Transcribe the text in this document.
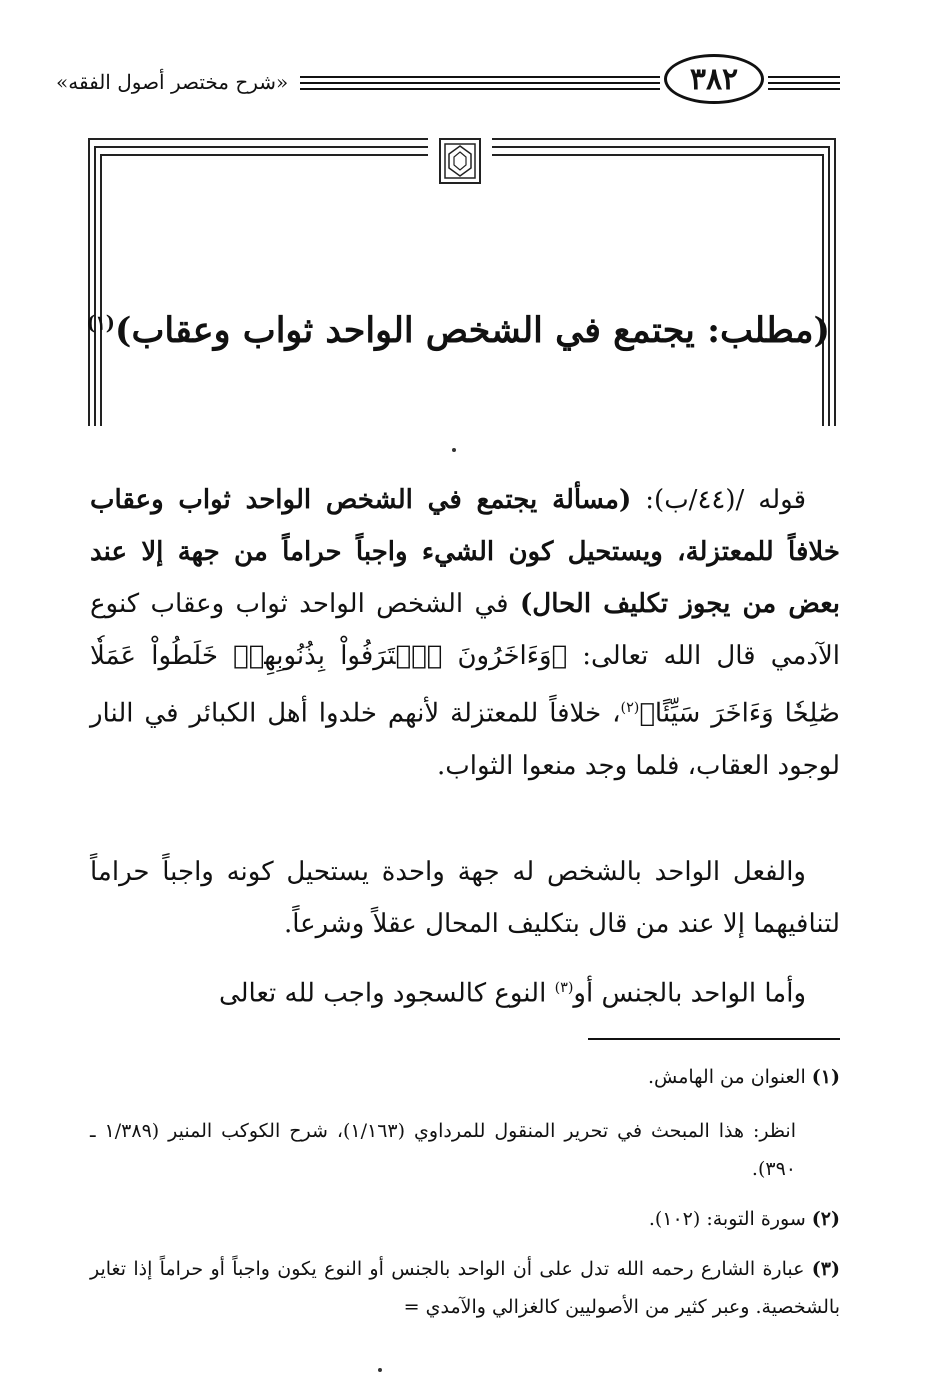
«شرح مختصر أصول الفقه»	٣٨٢
(مطلب: يجتمع في الشخص الواحد ثواب وعقاب)$^{(١)}$
قوله /(٤٤/ب): (مسألة يجتمع في الشخص الواحد ثواب وعقاب خلافاً للمعتزلة، ويستحيل كون الشيء واجباً حراماً من جهة إلا عند بعض من يجوز تكليف الحال) في الشخص الواحد ثواب وعقاب كنوع الآدمي قال الله تعالى: ﴿وَءَاخَرُونَ ٱعۡتَرَفُواْ بِذُنُوبِهِمۡ خَلَطُواْ عَمَلٗا صَٰلِحٗا وَءَاخَرَ سَيِّئًا﴾$^{(٢)}$، خلافاً للمعتزلة لأنهم خلدوا أهل الكبائر في النار لوجود العقاب، فلما وجد منعوا الثواب.
والفعل الواحد بالشخص له جهة واحدة يستحيل كونه واجباً حراماً لتنافيهما إلا عند من قال بتكليف المحال عقلاً وشرعاً.
وأما الواحد بالجنس أو$^{(٣)}$ النوع كالسجود واجب لله تعالى
(١) العنوان من الهامش.
انظر: هذا المبحث في تحرير المنقول للمرداوي (١/١٦٣)، شرح الكوكب المنير (١/٣٨٩ ـ ٣٩٠).
(٢) سورة التوبة: (١٠٢).
(٣) عبارة الشارع رحمه الله تدل على أن الواحد بالجنس أو النوع يكون واجباً أو حراماً إذا تغاير بالشخصية. وعبر كثير من الأصوليين كالغزالي والآمدي =
